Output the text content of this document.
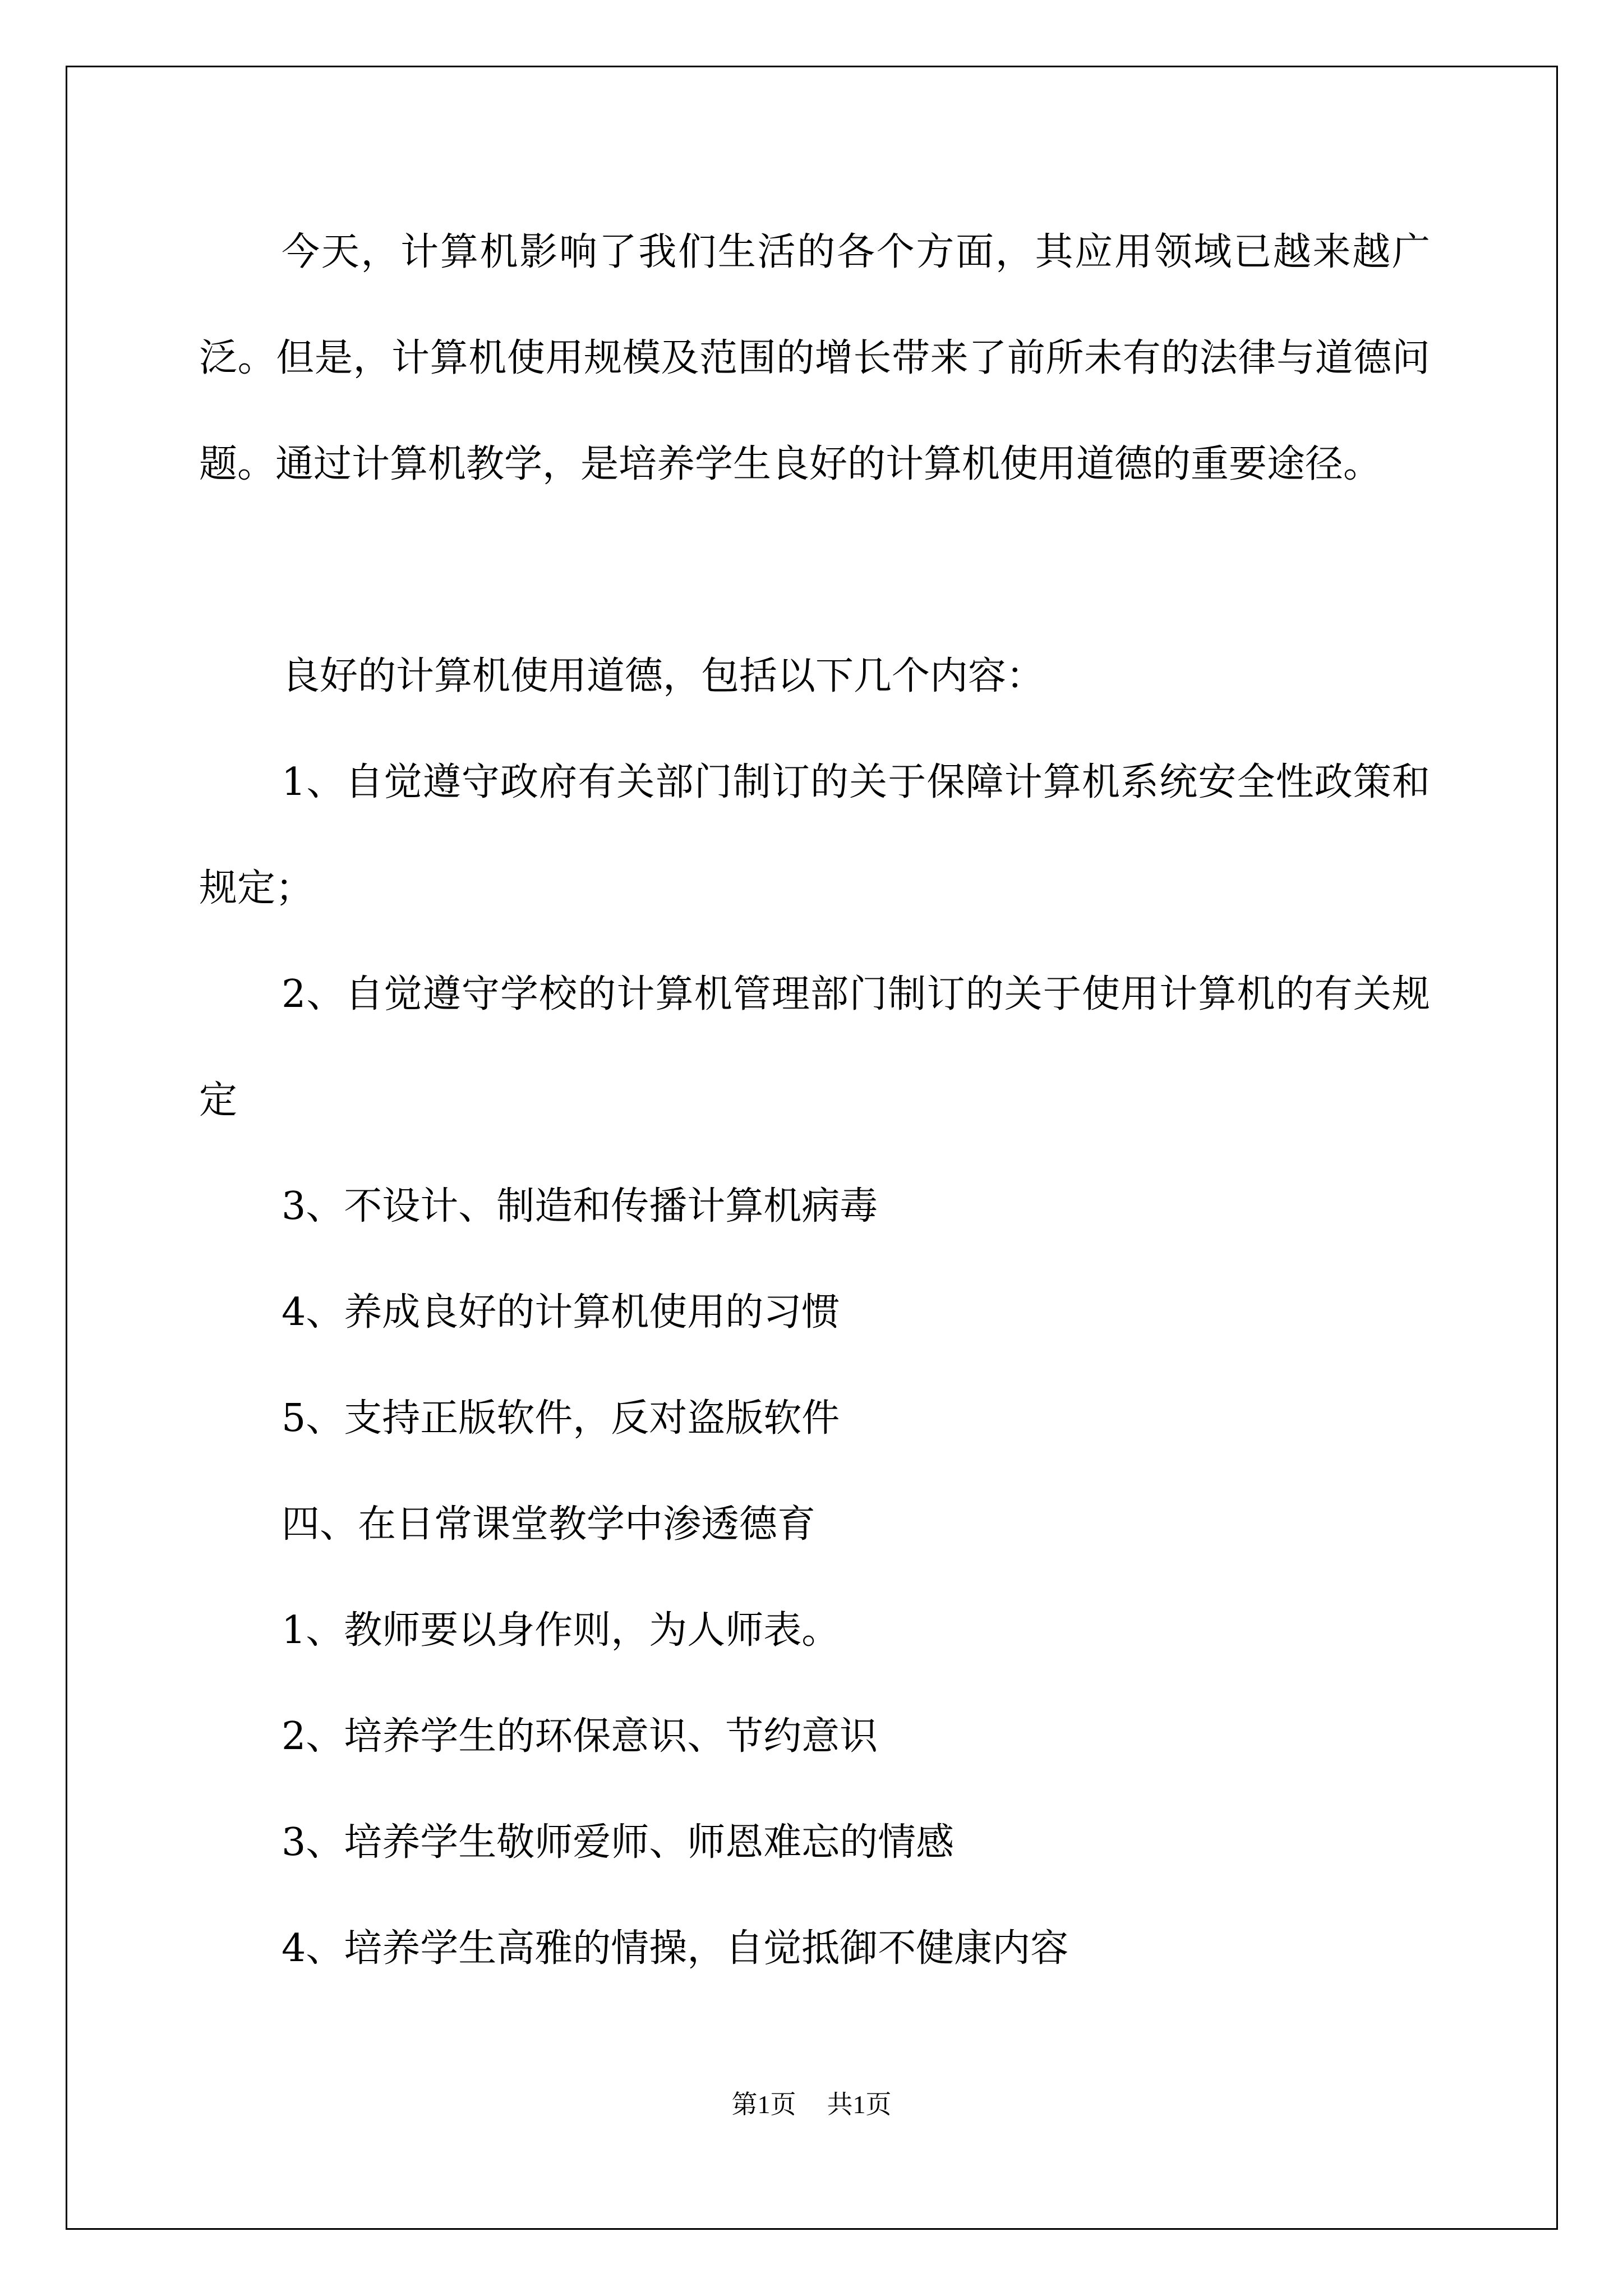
今天，计算机影响了我们生活的各个方面，其应用领域已越来越广泛。但是，计算机使用规模及范围的增长带来了前所未有的法律与道德问题。通过计算机教学，是培养学生良好的计算机使用道德的重要途径。

良好的计算机使用道德，包括以下几个内容：

1、自觉遵守政府有关部门制订的关于保障计算机系统安全性政策和规定；

2、自觉遵守学校的计算机管理部门制订的关于使用计算机的有关规定

3、不设计、制造和传播计算机病毒

4、养成良好的计算机使用的习惯

5、支持正版软件，反对盗版软件

四、在日常课堂教学中渗透德育

1、教师要以身作则，为人师表。

2、培养学生的环保意识、节约意识

3、培养学生敬师爱师、师恩难忘的情感

4、培养学生高雅的情操，自觉抵御不健康内容

第1页 共1页
